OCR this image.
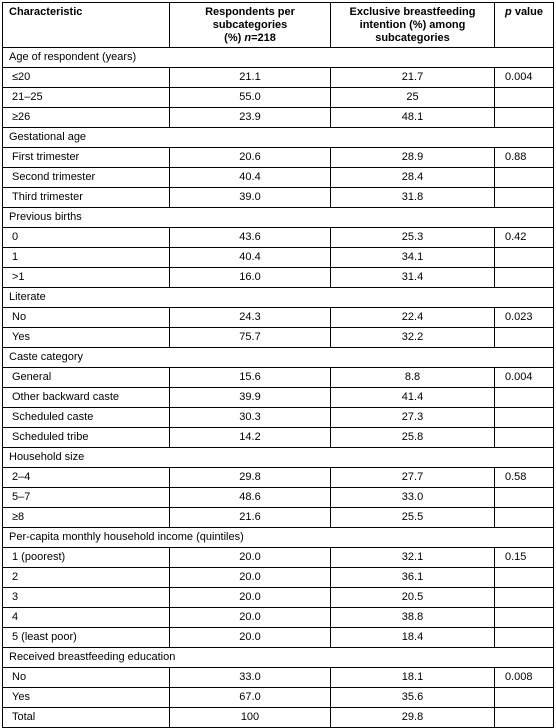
Characteristic	Respondents per
subcategories
(%) n=218	Exclusive breastfeeding
intention (%) among
subcategories	p value
Age of respondent (years)			
≤20	21.1	21.7	0.004
21–25	55.0	25	
≥26	23.9	48.1	
Gestational age			
First trimester	20.6	28.9	0.88
Second trimester	40.4	28.4	
Third trimester	39.0	31.8	
Previous births			
0	43.6	25.3	0.42
1	40.4	34.1	
>1	16.0	31.4	
Literate			
No	24.3	22.4	0.023
Yes	75.7	32.2	
Caste category			
General	15.6	8.8	0.004
Other backward caste	39.9	41.4	
Scheduled caste	30.3	27.3	
Scheduled tribe	14.2	25.8	
Household size			
2–4	29.8	27.7	0.58
5–7	48.6	33.0	
≥8	21.6	25.5	
Per-capita monthly household income (quintiles)			
1 (poorest)	20.0	32.1	0.15
2	20.0	36.1	
3	20.0	20.5	
4	20.0	38.8	
5 (least poor)	20.0	18.4	
Received breastfeeding education			
No	33.0	18.1	0.008
Yes	67.0	35.6	
Total	100	29.8	
